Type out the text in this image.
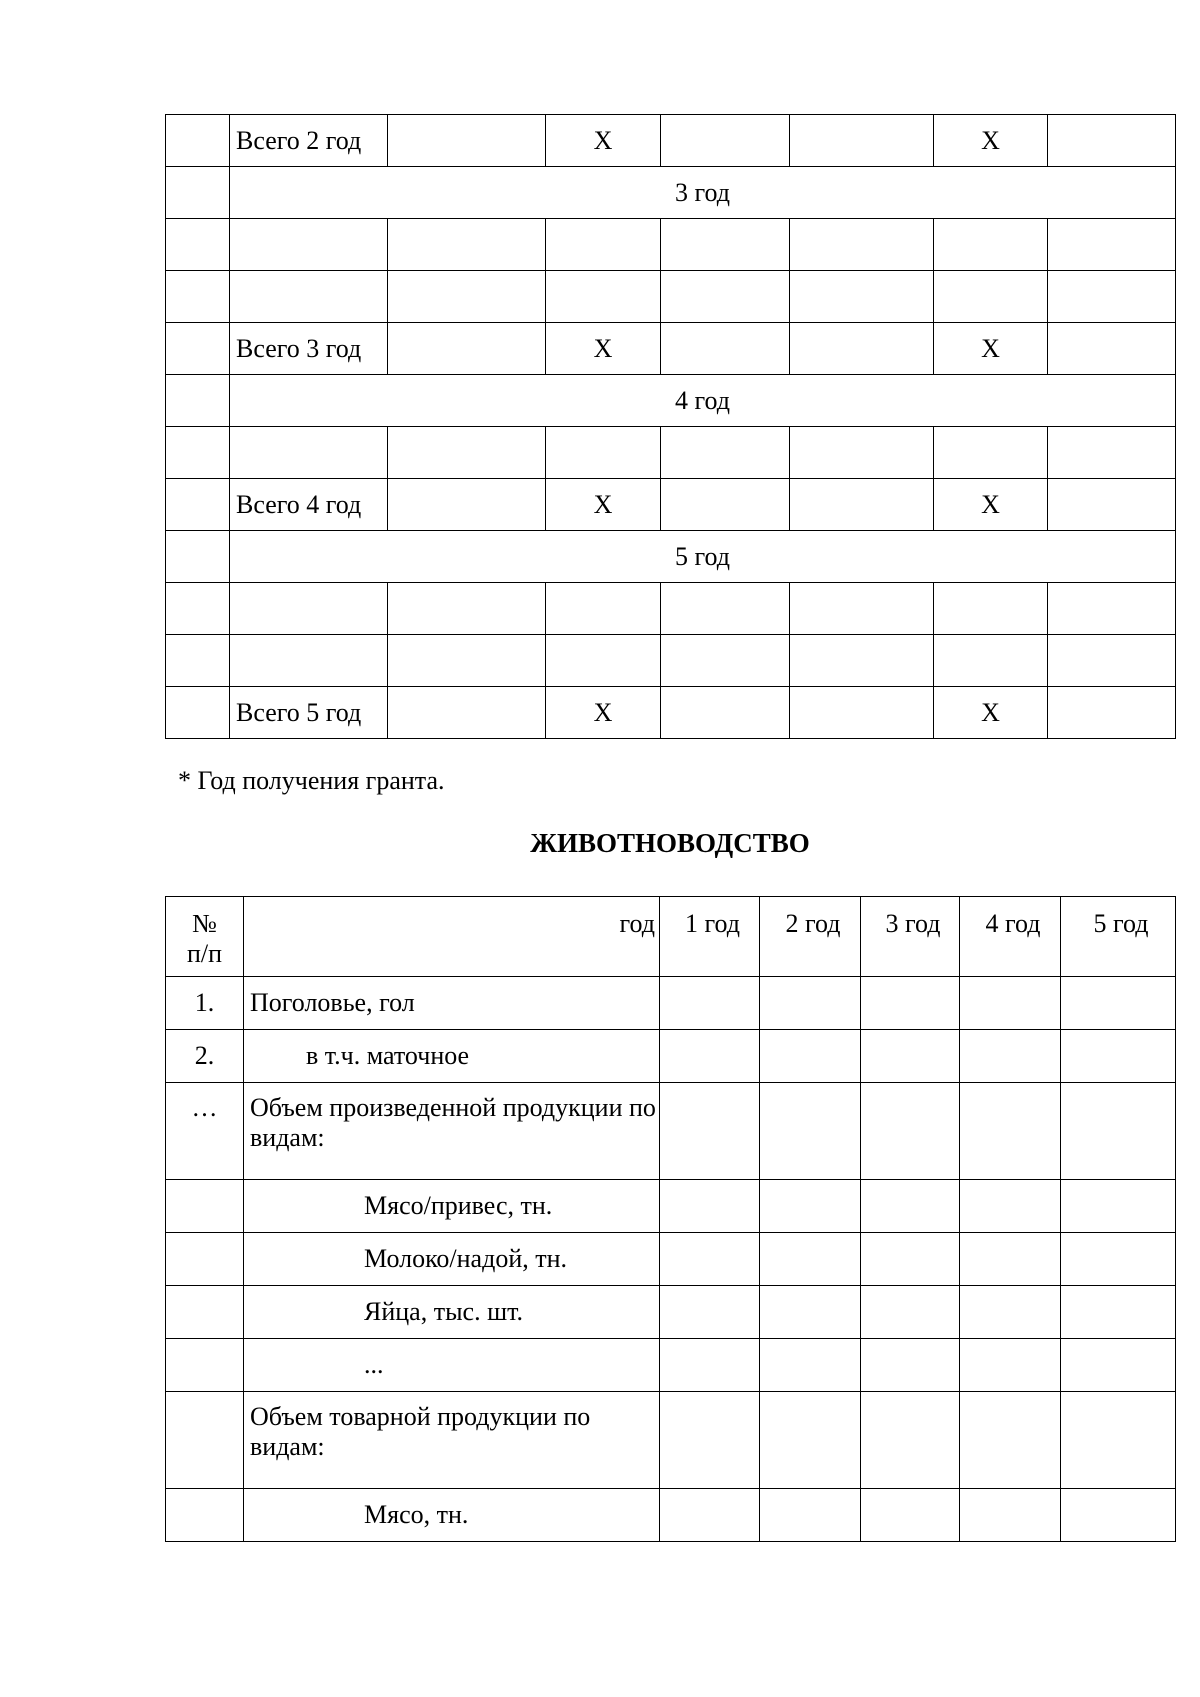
	Всего 2 год		Х			Х	
	3 год						

	Всего 3 год		Х			Х	
	4 год						

	Всего 4 год		Х			Х	
	5 год						

	Всего 5 год		Х			Х	
* Год получения гранта.
ЖИВОТНОВОДСТВО
№ п/п	год	1 год	2 год	3 год	4 год	5 год
1.	Поголовье, гол					
2.	в т.ч. маточное					
…	Объем произведенной продукции по видам:					
	Мясо/привес, тн.					
	Молоко/надой, тн.					
	Яйца, тыс. шт.					
	...					
	Объем товарной продукции по видам:					
	Мясо, тн.					
